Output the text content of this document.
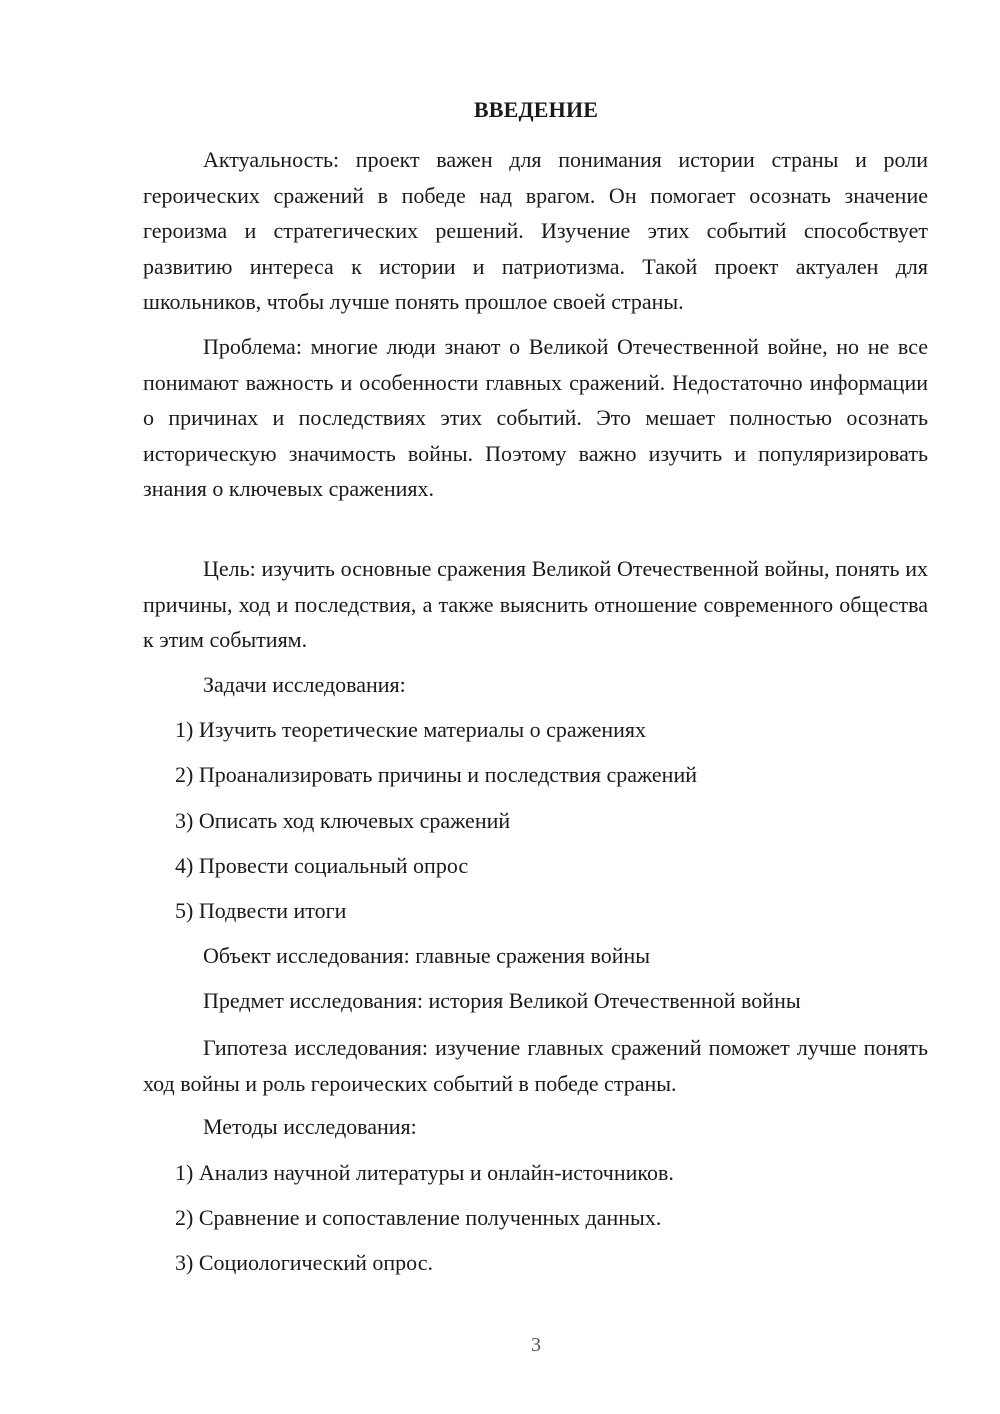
ВВЕДЕНИЕ

Актуальность: проект важен для понимания истории страны и роли героических сражений в победе над врагом. Он помогает осознать значение героизма и стратегических решений. Изучение этих событий способствует развитию интереса к истории и патриотизма. Такой проект актуален для школьников, чтобы лучше понять прошлое своей страны.

Проблема: многие люди знают о Великой Отечественной войне, но не все понимают важность и особенности главных сражений. Недостаточно информации о причинах и последствиях этих событий. Это мешает полностью осознать историческую значимость войны. Поэтому важно изучить и популяризировать знания о ключевых сражениях.

Цель: изучить основные сражения Великой Отечественной войны, понять их причины, ход и последствия, а также выяснить отношение современного общества к этим событиям.

Задачи исследования:
1) Изучить теоретические материалы о сражениях
2) Проанализировать причины и последствия сражений
3) Описать ход ключевых сражений
4) Провести социальный опрос
5) Подвести итоги
Объект исследования: главные сражения войны
Предмет исследования: история Великой Отечественной войны

Гипотеза исследования: изучение главных сражений поможет лучше понять ход войны и роль героических событий в победе страны.

Методы исследования:
1) Анализ научной литературы и онлайн-источников.
2) Сравнение и сопоставление полученных данных.
3) Социологический опрос.
3
